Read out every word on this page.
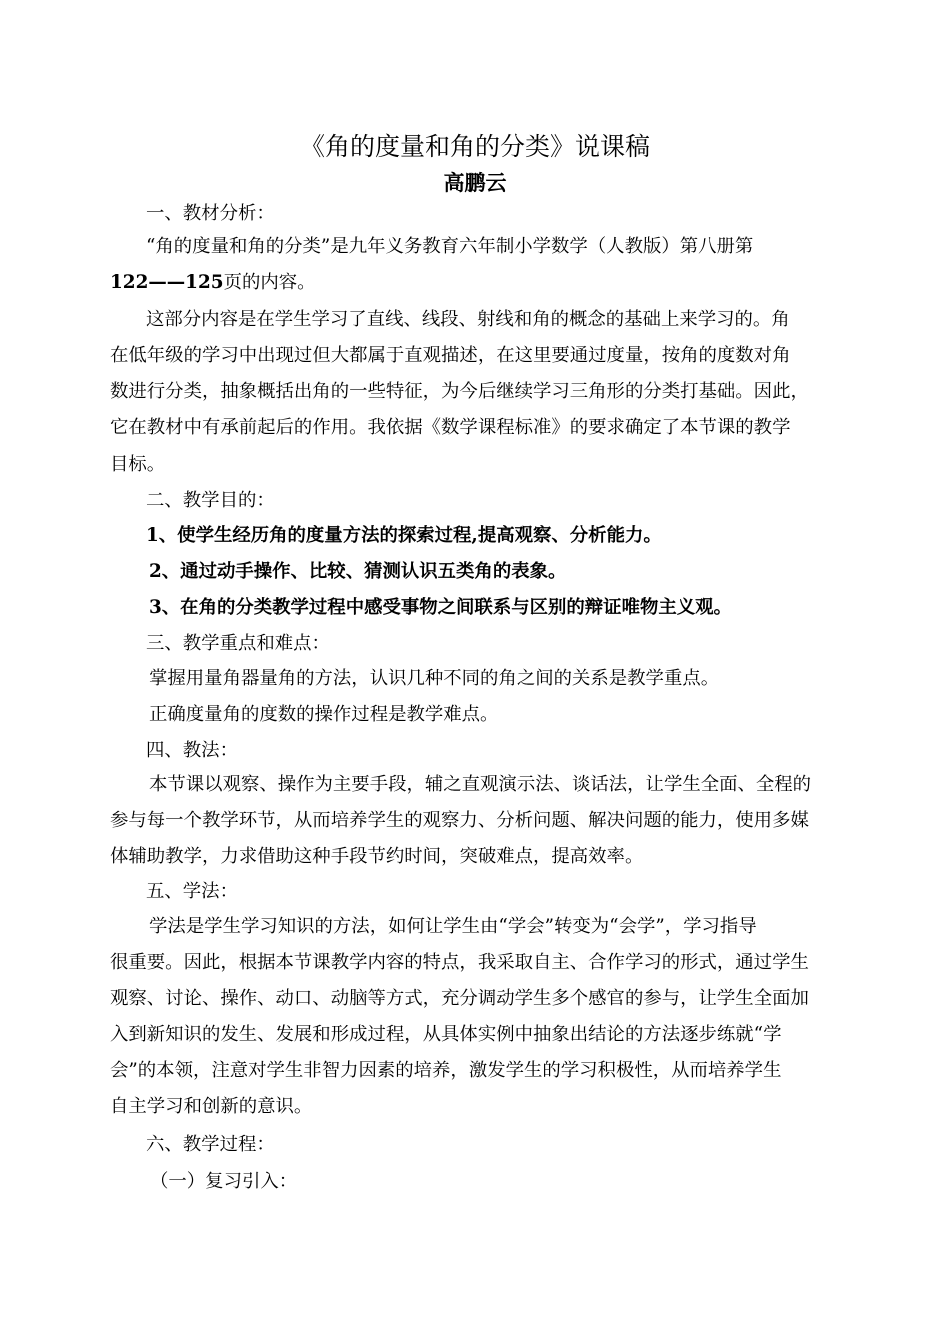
《角的度量和角的分类》说课稿
高鹏云
一、教材分析：
“角的度量和角的分类”是九年义务教育六年制小学数学（人教版）第八册第
122——125页的内容。
这部分内容是在学生学习了直线、线段、射线和角的概念的基础上来学习的。角
在低年级的学习中出现过但大都属于直观描述，在这里要通过度量，按角的度数对角
数进行分类，抽象概括出角的一些特征，为今后继续学习三角形的分类打基础。因此，
它在教材中有承前起后的作用。我依据《数学课程标准》的要求确定了本节课的教学
目标。
二、教学目的：
1、使学生经历角的度量方法的探索过程,提高观察、分析能力。
2、通过动手操作、比较、猜测认识五类角的表象。
3、在角的分类教学过程中感受事物之间联系与区别的辩证唯物主义观。
三、教学重点和难点：
掌握用量角器量角的方法，认识几种不同的角之间的关系是教学重点。
正确度量角的度数的操作过程是教学难点。
四、教法：
本节课以观察、操作为主要手段，辅之直观演示法、谈话法，让学生全面、全程的
参与每一个教学环节，从而培养学生的观察力、分析问题、解决问题的能力，使用多媒
体辅助教学，力求借助这种手段节约时间，突破难点，提高效率。
五、学法：
学法是学生学习知识的方法，如何让学生由“学会”转变为“会学”，学习指导
很重要。因此，根据本节课教学内容的特点，我采取自主、合作学习的形式，通过学生
观察、讨论、操作、动口、动脑等方式，充分调动学生多个感官的参与，让学生全面加
入到新知识的发生、发展和形成过程，从具体实例中抽象出结论的方法逐步练就“学
会”的本领，注意对学生非智力因素的培养，激发学生的学习积极性，从而培养学生
自主学习和创新的意识。
六、教学过程：
（一）复习引入：
